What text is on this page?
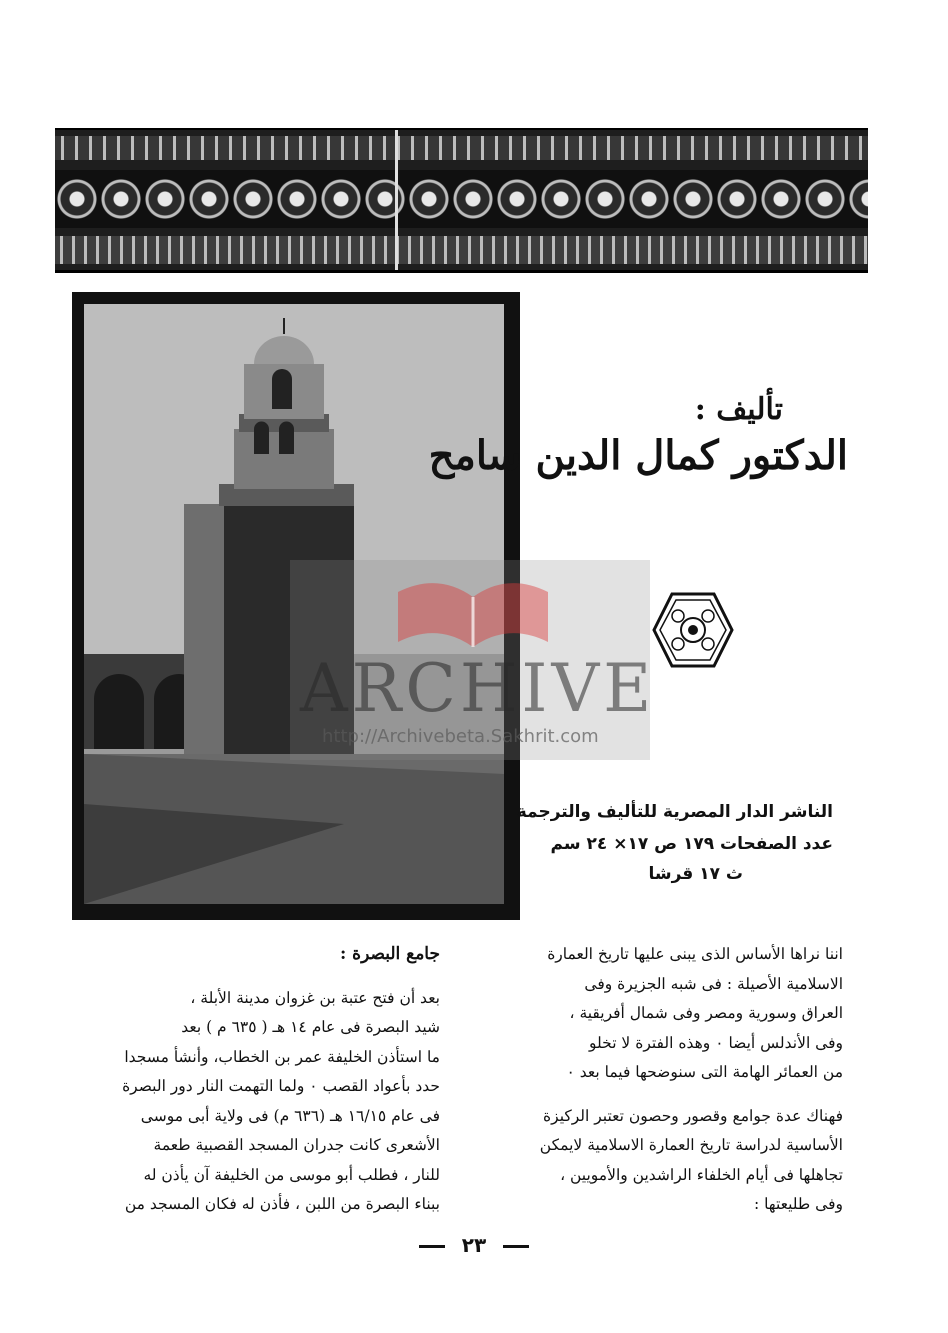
تأليف :
الدكتور كمال الدين سامح
ARCHIVE
http://Archivebeta.Sakhrit.com
الناشر الدار المصرية للتأليف والترجمة
عدد الصفحات ١٧٩ ص ١٧× ٢٤ سم
ث ١٧ قرشا

اننا نراها الأساس الذى يبنى عليها تاريخ العمارة

الاسلامية الأصيلة : فى شبه الجزيرة وفى

العراق وسورية ومصر وفى شمال أفريقية ،

وفى الأندلس أيضا ٠ وهذه الفترة لا تخلو

من العمائر الهامة التى سنوضحها فيما بعد ٠

فهناك عدة جوامع وقصور وحصون تعتبر الركيزة

الأساسية لدراسة تاريخ العمارة الاسلامية لايمكن

تجاهلها فى أيام الخلفاء الراشدين والأمويين ،

وفى طليعتها :

جامع البصرة :

بعد أن فتح عتبة بن غزوان مدينة الأبلة ،

شيد البصرة فى عام ١٤ هـ ( ٦٣٥ م ) بعد

ما استأذن الخليفة عمر بن الخطاب، وأنشأ مسجدا

حدد بأعواد القصب ٠ ولما التهمت النار دور البصرة

فى عام ١٦/١٥ هـ (٦٣٦ م) فى ولاية أبى موسى

الأشعرى كانت جدران المسجد القصبية طعمة

للنار ، فطلب أبو موسى من الخليفة آن يأذن له

ببناء البصرة من اللبن ، فأذن له فكان المسجد من

٢٣
